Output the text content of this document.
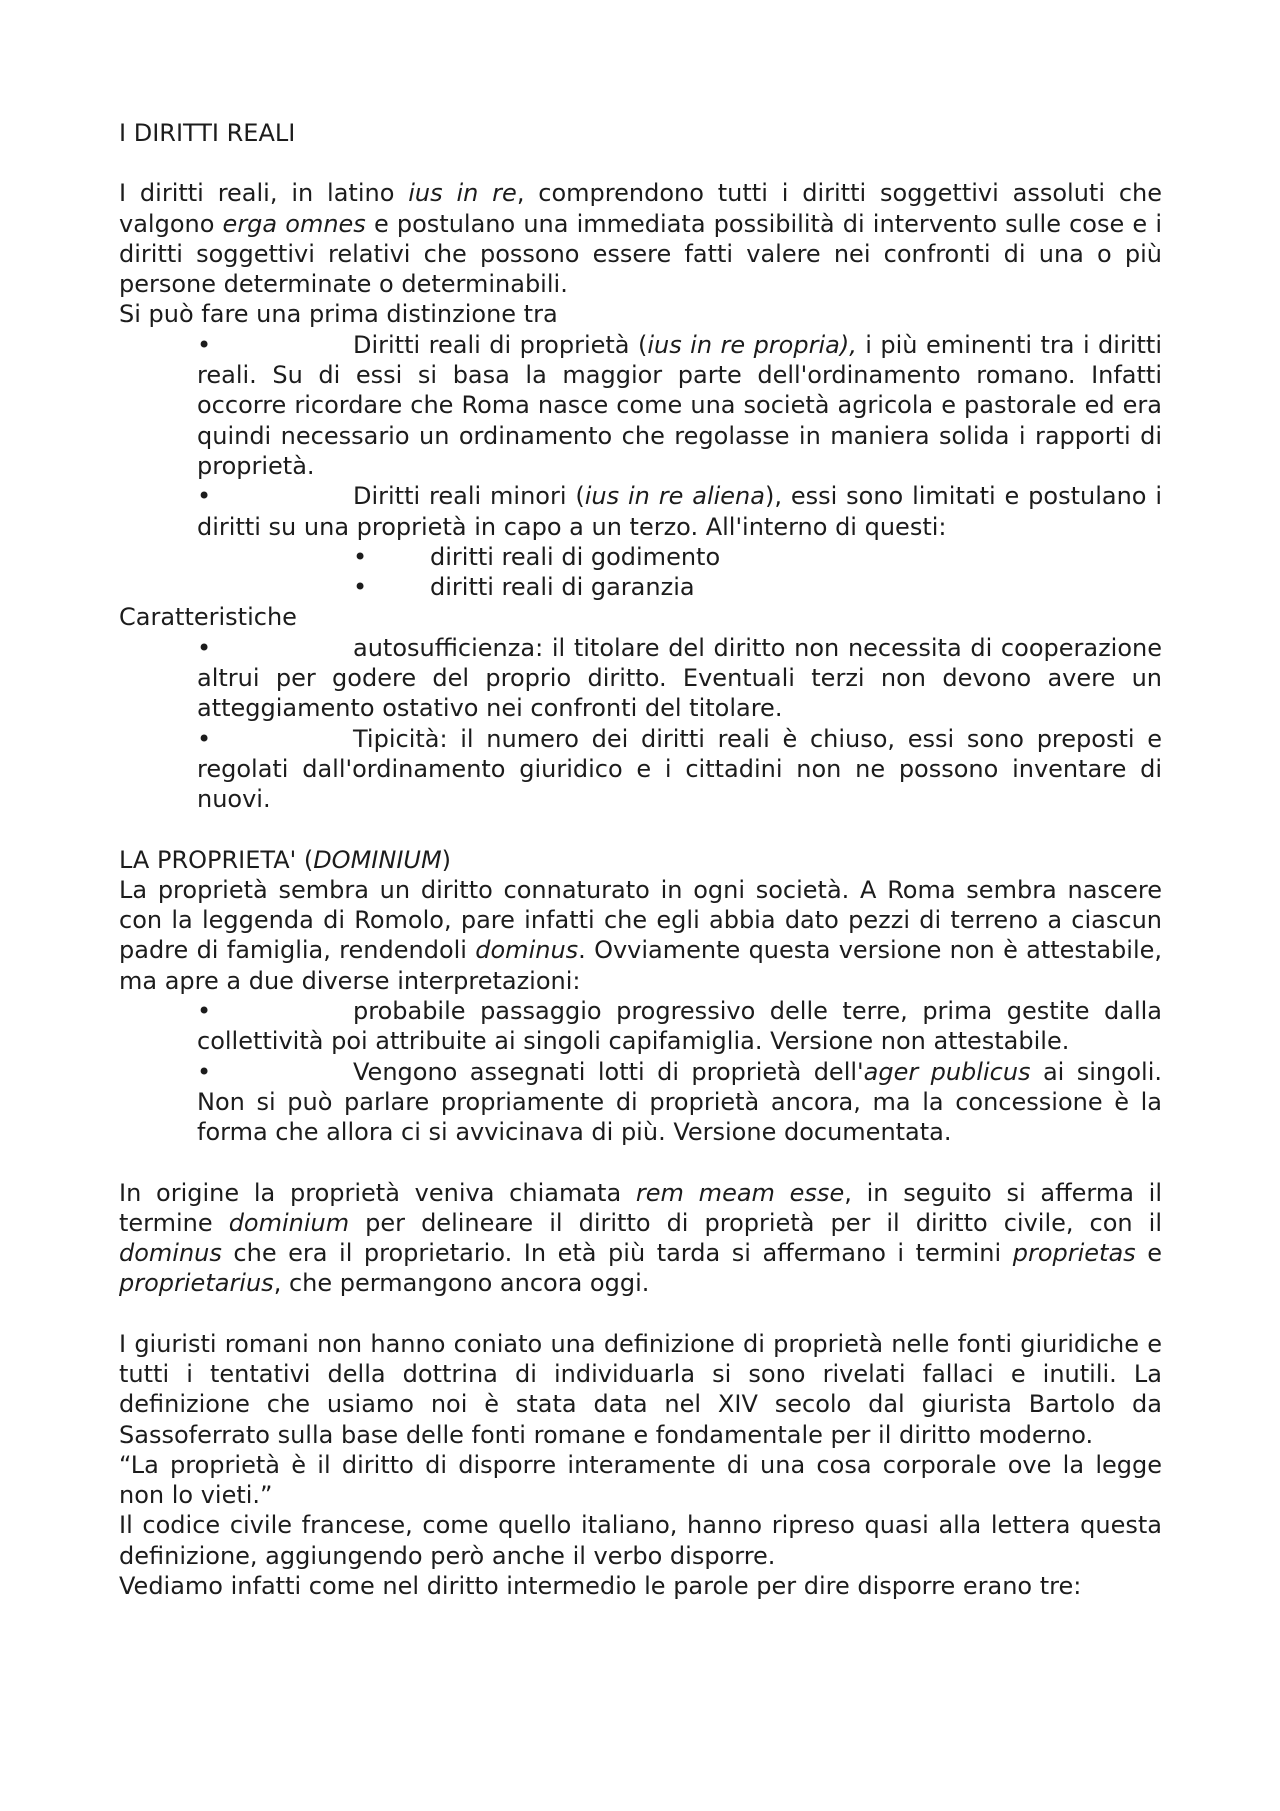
I DIRITTI REALI

I diritti reali, in latino ius in re, comprendono tutti i diritti soggettivi assoluti che valgono erga omnes e postulano una immediata possibilità di intervento sulle cose e i diritti soggettivi relativi che possono essere fatti valere nei confronti di una o più persone determinate o determinabili.

Si può fare una prima distinzione tra

•	Diritti reali di proprietà (ius in re propria), i più eminenti tra i diritti reali. Su di essi si basa la maggior parte dell'ordinamento romano. Infatti occorre ricordare che Roma nasce come una società agricola e pastorale ed era quindi necessario un ordinamento che regolasse in maniera solida i rapporti di proprietà.
•	Diritti reali minori (ius in re aliena), essi sono limitati e postulano i diritti su una proprietà in capo a un terzo. All'interno di questi:
•	diritti reali di godimento
•	diritti reali di garanzia

Caratteristiche

•	autosufficienza: il titolare del diritto non necessita di cooperazione altrui per godere del proprio diritto. Eventuali terzi non devono avere un atteggiamento ostativo nei confronti del titolare.
•	Tipicità: il numero dei diritti reali è chiuso, essi sono preposti e regolati dall'ordinamento giuridico e i cittadini non ne possono inventare di nuovi.

LA PROPRIETA' (DOMINIUM)

La proprietà sembra un diritto connaturato in ogni società. A Roma sembra nascere con la leggenda di Romolo, pare infatti che egli abbia dato pezzi di terreno a ciascun padre di famiglia, rendendoli dominus. Ovviamente questa versione non è attestabile, ma apre a due diverse interpretazioni:

•	probabile passaggio progressivo delle terre, prima gestite dalla collettività poi attribuite ai singoli capifamiglia. Versione non attestabile.
•	Vengono assegnati lotti di proprietà dell'ager publicus ai singoli. Non si può parlare propriamente di proprietà ancora, ma la concessione è la forma che allora ci si avvicinava di più. Versione documentata.

In origine la proprietà veniva chiamata rem meam esse, in seguito si afferma il termine dominium per delineare il diritto di proprietà per il diritto civile, con il dominus che era il proprietario. In età più tarda si affermano i termini proprietas e proprietarius, che permangono ancora oggi.

I giuristi romani non hanno coniato una definizione di proprietà nelle fonti giuridiche e tutti i tentativi della dottrina di individuarla si sono rivelati fallaci e inutili. La definizione che usiamo noi è stata data nel XIV secolo dal giurista Bartolo da Sassoferrato sulla base delle fonti romane e fondamentale per il diritto moderno.

“La proprietà è il diritto di disporre interamente di una cosa corporale ove la legge non lo vieti.”

Il codice civile francese, come quello italiano, hanno ripreso quasi alla lettera questa definizione, aggiungendo però anche il verbo disporre.

Vediamo infatti come nel diritto intermedio le parole per dire disporre erano tre:
